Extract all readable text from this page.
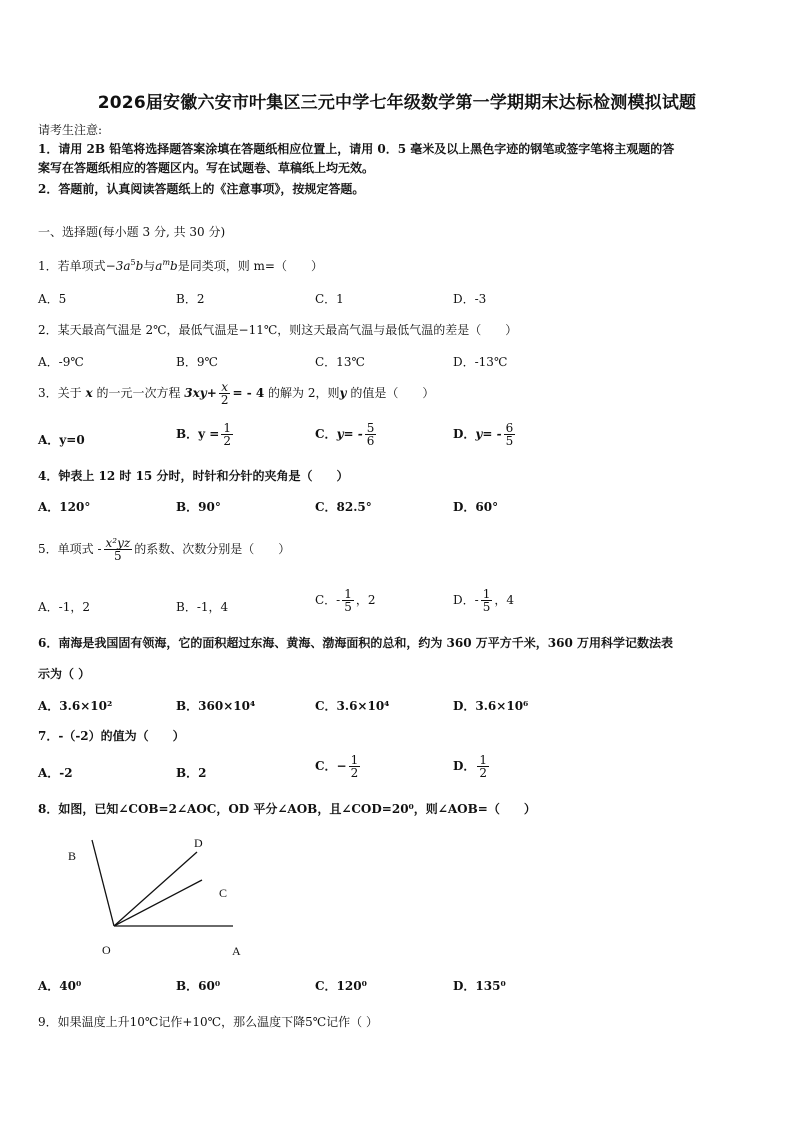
2026届安徽六安市叶集区三元中学七年级数学第一学期期末达标检测模拟试题
请考生注意:
1．请用 2B 铅笔将选择题答案涂填在答题纸相应位置上，请用 0．5 毫米及以上黑色字迹的钢笔或签字笔将主观题的答
案写在答题纸相应的答题区内。写在试题卷、草稿纸上均无效。
2．答题前，认真阅读答题纸上的《注意事项》，按规定答题。
一、选择题(每小题 3 分, 共 30 分)
1．若单项式$-3a^5b$与$a^mb$是同类项，则 m=（　　）
A．5	B．2	C．1	D．-3
2．某天最高气温是 2℃，最低气温是−11℃，则这天最高气温与最低气温的差是（　　）
A．-9℃	B．9℃	C．13℃	D．-13℃
3．关于 x 的一元一次方程 $3xy+ \frac{x}{2}$ = - 4 的解为 2，则y 的值是（　　）
A．y=0	B．$y = \frac{1}{2}$	C．$y= - \frac{5}{6}$	D．$y= - \frac{6}{5}$
4．钟表上 12 时 15 分时，时针和分针的夹角是（　　）
A．120°	B．90°	C．82.5°	D．60°
5．单项式 - $\frac{\text{x²yz}}{5}$ 的系数、次数分别是（　　）
A．-1，2	B．-1，4	C．- $\frac{1}{5}$ ，2	D．- $\frac{1}{5}$ ，4
6．南海是我国固有领海，它的面积超过东海、黄海、渤海面积的总和，约为 360 万平方千米，360 万用科学记数法表
示为（ ）
A．3.6×10²	B．360×10⁴	C．3.6×10⁴	D．3.6×10⁶
7．-（-2）的值为（　　）
A．-2	B．2	C．− $\frac{1}{2}$	D． $\frac{1}{2}$
8．如图，已知∠COB=2∠AOC，OD 平分∠AOB，且∠COD=20⁰，则∠AOB=（　　）
B
D
C
O	A
A．40⁰	B．60⁰	C．120⁰	D．135⁰
9．如果温度上升10℃记作+10℃，那么温度下降5℃记作（ ）
